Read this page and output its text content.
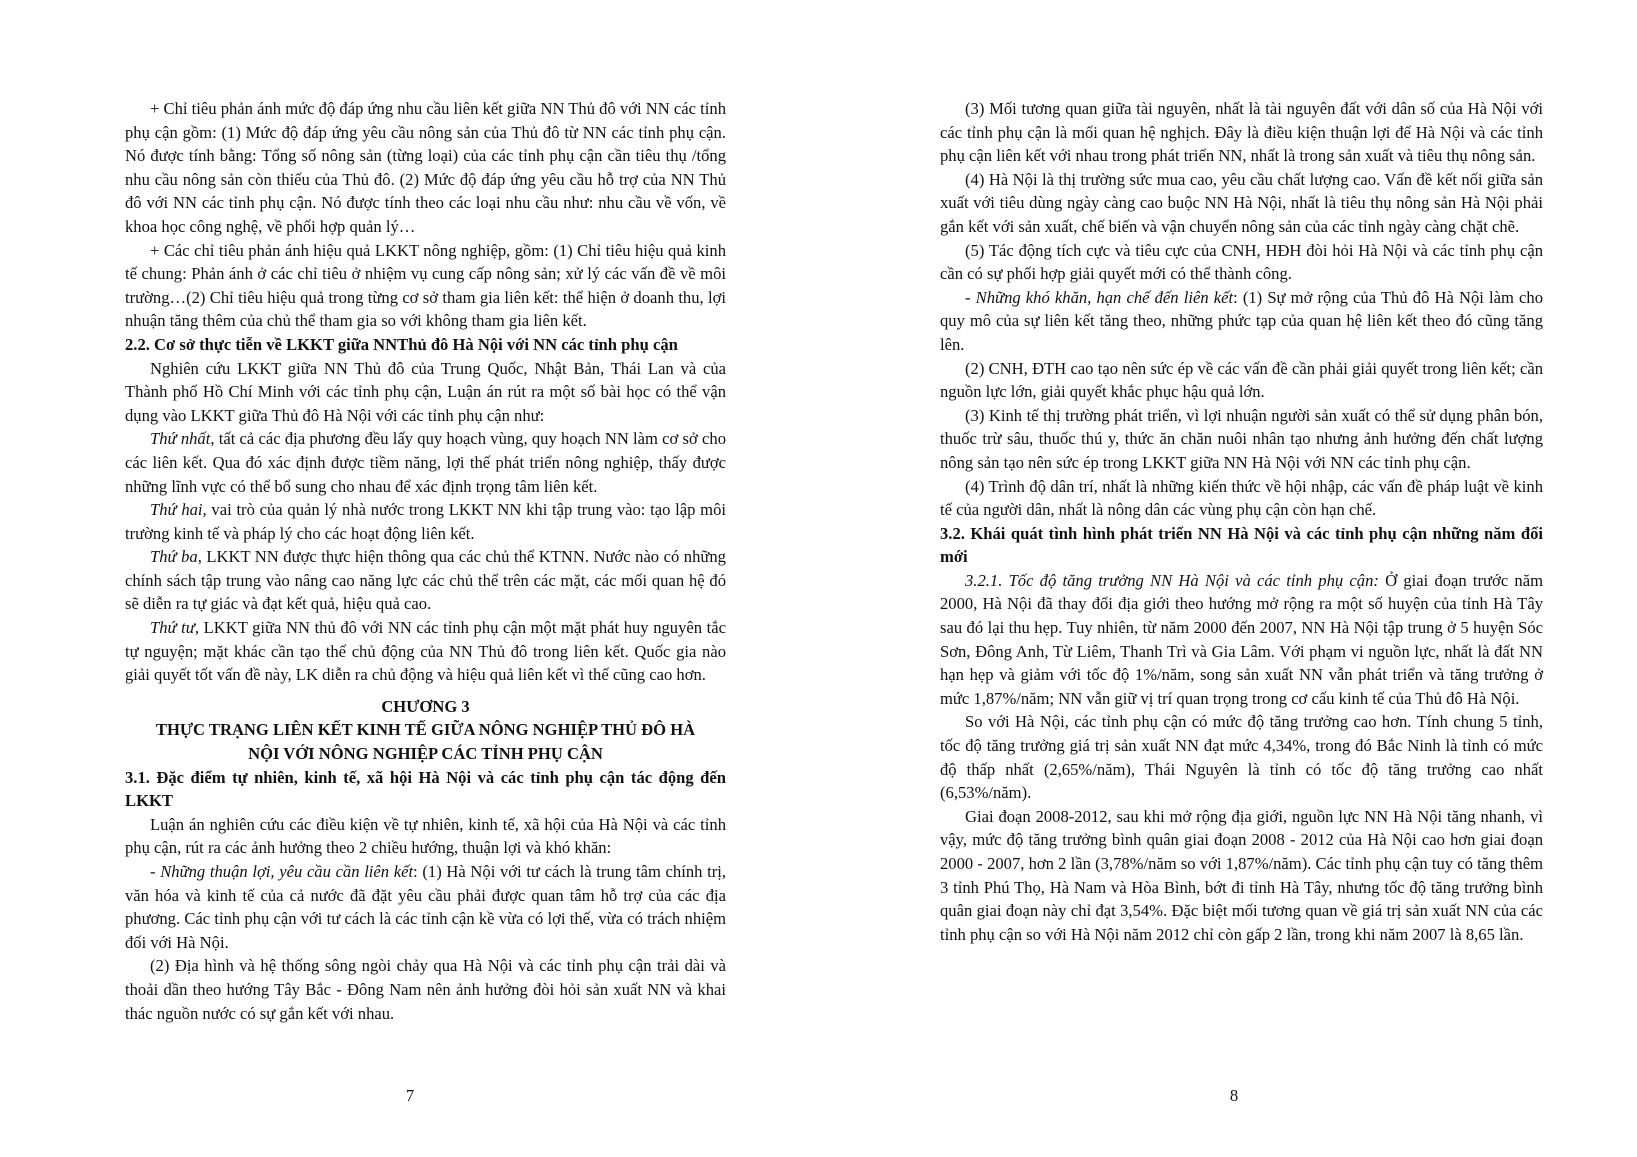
+ Chỉ tiêu phản ánh mức độ đáp ứng nhu cầu liên kết giữa NN Thủ đô với NN các tỉnh phụ cận gồm: (1) Mức độ đáp ứng yêu cầu nông sản của Thủ đô từ NN các tỉnh phụ cận. Nó được tính bằng: Tổng số nông sản (từng loại) của các tỉnh phụ cận cần tiêu thụ /tổng nhu cầu nông sản còn thiếu của Thủ đô. (2) Mức độ đáp ứng yêu cầu hỗ trợ của NN Thủ đô với NN các tỉnh phụ cận. Nó được tính theo các loại nhu cầu như: nhu cầu về vốn, về khoa học công nghệ, về phối hợp quản lý…

+ Các chỉ tiêu phản ánh hiệu quả LKKT nông nghiệp, gồm: (1) Chỉ tiêu hiệu quả kinh tế chung: Phản ánh ở các chỉ tiêu ở nhiệm vụ cung cấp nông sản; xử lý các vấn đề về môi trường…(2) Chỉ tiêu hiệu quả trong từng cơ sở tham gia liên kết: thể hiện ở doanh thu, lợi nhuận tăng thêm của chủ thể tham gia so với không tham gia liên kết.

2.2. Cơ sở thực tiễn về LKKT giữa NNThủ đô Hà Nội với NN các tỉnh phụ cận

Nghiên cứu LKKT giữa NN Thủ đô của Trung Quốc, Nhật Bản, Thái Lan và của Thành phố Hồ Chí Minh với các tỉnh phụ cận, Luận án rút ra một số bài học có thể vận dụng vào LKKT giữa Thủ đô Hà Nội với các tỉnh phụ cận như:

Thứ nhất, tất cả các địa phương đều lấy quy hoạch vùng, quy hoạch NN làm cơ sở cho các liên kết. Qua đó xác định được tiềm năng, lợi thế phát triển nông nghiệp, thấy được những lĩnh vực có thể bổ sung cho nhau để xác định trọng tâm liên kết.

Thứ hai, vai trò của quản lý nhà nước trong LKKT NN khi tập trung vào: tạo lập môi trường kinh tế và pháp lý cho các hoạt động liên kết.

Thứ ba, LKKT NN được thực hiện thông qua các chủ thể KTNN. Nước nào có những chính sách tập trung vào nâng cao năng lực các chủ thể trên các mặt, các mối quan hệ đó sẽ diễn ra tự giác và đạt kết quả, hiệu quả cao.

Thứ tư, LKKT giữa NN thủ đô với NN các tỉnh phụ cận một mặt phát huy nguyên tắc tự nguyện; mặt khác cần tạo thế chủ động của NN Thủ đô trong liên kết. Quốc gia nào giải quyết tốt vấn đề này, LK diễn ra chủ động và hiệu quả liên kết vì thế cũng cao hơn.

CHƯƠNG 3

THỰC TRẠNG LIÊN KẾT KINH TẾ GIỮA NÔNG NGHIỆP THỦ ĐÔ HÀ NỘI VỚI NÔNG NGHIỆP CÁC TỈNH PHỤ CẬN

3.1. Đặc điểm tự nhiên, kinh tế, xã hội Hà Nội và các tỉnh phụ cận tác động đến LKKT

Luận án nghiên cứu các điều kiện về tự nhiên, kinh tế, xã hội của Hà Nội và các tỉnh phụ cận, rút ra các ảnh hưởng theo 2 chiều hướng, thuận lợi và khó khăn:

- Những thuận lợi, yêu cầu cần liên kết: (1) Hà Nội với tư cách là trung tâm chính trị, văn hóa và kinh tế của cả nước đã đặt yêu cầu phải được quan tâm hỗ trợ của các địa phương. Các tỉnh phụ cận với tư cách là các tỉnh cận kề vừa có lợi thế, vừa có trách nhiệm đối với Hà Nội.

(2) Địa hình và hệ thống sông ngòi chảy qua Hà Nội và các tỉnh phụ cận trải dài và thoải dần theo hướng Tây Bắc - Đông Nam nên ảnh hưởng đòi hỏi sản xuất NN và khai thác nguồn nước có sự gắn kết với nhau.

7

(3) Mối tương quan giữa tài nguyên, nhất là tài nguyên đất với dân số của Hà Nội với các tỉnh phụ cận là mối quan hệ nghịch. Đây là điều kiện thuận lợi để Hà Nội và các tỉnh phụ cận liên kết với nhau trong phát triển NN, nhất là trong sản xuất và tiêu thụ nông sản.

(4) Hà Nội là thị trường sức mua cao, yêu cầu chất lượng cao. Vấn đề kết nối giữa sản xuất với tiêu dùng ngày càng cao buộc NN Hà Nội, nhất là tiêu thụ nông sản Hà Nội phải gắn kết với sản xuất, chế biến và vận chuyển nông sản của các tỉnh ngày càng chặt chẽ.

(5) Tác động tích cực và tiêu cực của CNH, HĐH đòi hỏi Hà Nội và các tỉnh phụ cận cần có sự phối hợp giải quyết mới có thể thành công.

- Những khó khăn, hạn chế đến liên kết: (1) Sự mở rộng của Thủ đô Hà Nội làm cho quy mô của sự liên kết tăng theo, những phức tạp của quan hệ liên kết theo đó cũng tăng lên.

(2) CNH, ĐTH cao tạo nên sức ép về các vấn đề cần phải giải quyết trong liên kết; cần nguồn lực lớn, giải quyết khắc phục hậu quả lớn.

(3) Kinh tế thị trường phát triển, vì lợi nhuận người sản xuất có thể sử dụng phân bón, thuốc trừ sâu, thuốc thú y, thức ăn chăn nuôi nhân tạo nhưng ảnh hưởng đến chất lượng nông sản tạo nên sức ép trong LKKT giữa NN Hà Nội với NN các tỉnh phụ cận.

(4) Trình độ dân trí, nhất là những kiến thức về hội nhập, các vấn đề pháp luật về kinh tế của người dân, nhất là nông dân các vùng phụ cận còn hạn chế.

3.2. Khái quát tình hình phát triển NN Hà Nội và các tỉnh phụ cận những năm đổi mới

3.2.1. Tốc độ tăng trưởng NN Hà Nội và các tỉnh phụ cận: Ở giai đoạn trước năm 2000, Hà Nội đã thay đổi địa giới theo hướng mở rộng ra một số huyện của tỉnh Hà Tây sau đó lại thu hẹp. Tuy nhiên, từ năm 2000 đến 2007, NN Hà Nội tập trung ở 5 huyện Sóc Sơn, Đông Anh, Từ Liêm, Thanh Trì và Gia Lâm. Với phạm vi nguồn lực, nhất là đất NN hạn hẹp và giảm với tốc độ 1%/năm, song sản xuất NN vẫn phát triển và tăng trưởng ở mức 1,87%/năm; NN vẫn giữ vị trí quan trọng trong cơ cấu kinh tế của Thủ đô Hà Nội.

So với Hà Nội, các tỉnh phụ cận có mức độ tăng trưởng cao hơn. Tính chung 5 tỉnh, tốc độ tăng trưởng giá trị sản xuất NN đạt mức 4,34%, trong đó Bắc Ninh là tỉnh có mức độ thấp nhất (2,65%/năm), Thái Nguyên là tỉnh có tốc độ tăng trưởng cao nhất (6,53%/năm).

Giai đoạn 2008-2012, sau khi mở rộng địa giới, nguồn lực NN Hà Nội tăng nhanh, vì vậy, mức độ tăng trưởng bình quân giai đoạn 2008 - 2012 của Hà Nội cao hơn giai đoạn 2000 - 2007, hơn 2 lần (3,78%/năm so với 1,87%/năm). Các tỉnh phụ cận tuy có tăng thêm 3 tỉnh Phú Thọ, Hà Nam và Hòa Bình, bớt đi tỉnh Hà Tây, nhưng tốc độ tăng trưởng bình quân giai đoạn này chỉ đạt 3,54%. Đặc biệt mối tương quan về giá trị sản xuất NN của các tỉnh phụ cận so với Hà Nội năm 2012 chỉ còn gấp 2 lần, trong khi năm 2007 là 8,65 lần.

8
